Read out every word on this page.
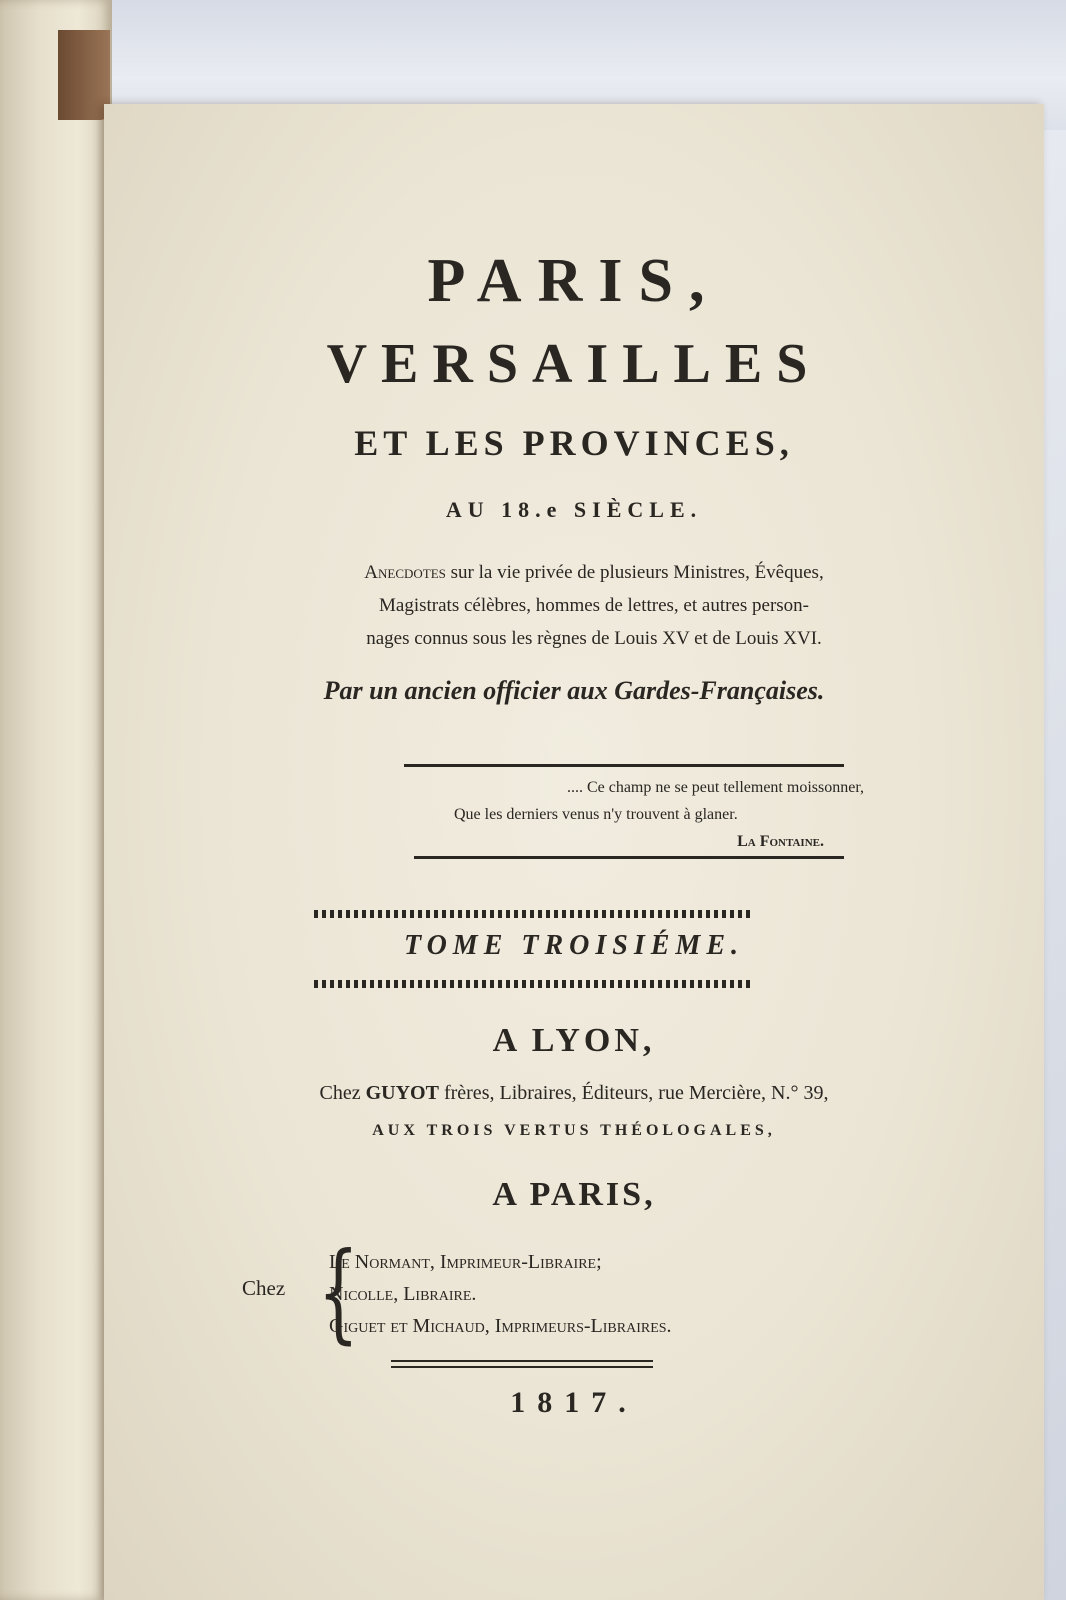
PARIS,
VERSAILLES
ET LES PROVINCES,
AU 18.e SIÈCLE.
Anecdotes sur la vie privée de plusieurs Ministres, Évêques,
Magistrats célèbres, hommes de lettres, et autres person-
nages connus sous les règnes de Louis XV et de Louis XVI.
Par un ancien officier aux Gardes-Françaises.
.... Ce champ ne se peut tellement moissonner,
Que les derniers venus n'y trouvent à glaner.
La Fontaine.
TOME TROISIÉME.
A LYON,
Chez GUYOT frères, Libraires, Éditeurs, rue Mercière, N.° 39,
AUX TROIS VERTUS THÉOLOGALES,
A PARIS,
Chez {
Le Normant, Imprimeur-Libraire;
Nicolle, Libraire.
Giguet et Michaud, Imprimeurs-Libraires.
1817.
